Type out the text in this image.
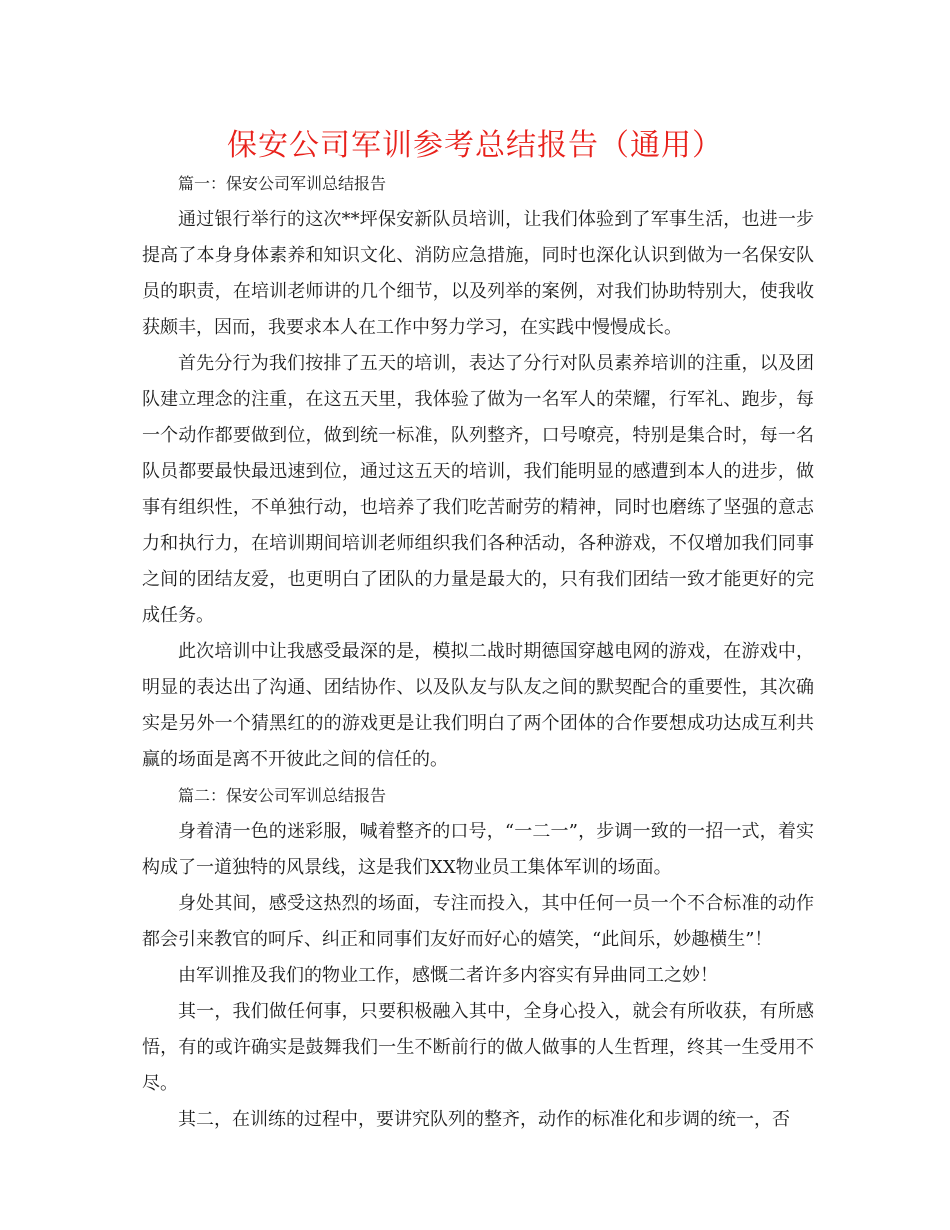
保安公司军训参考总结报告（通用）

篇一：保安公司军训总结报告

通过银行举行的这次**坪保安新队员培训，让我们体验到了军事生活，也进一步提高了本身身体素养和知识文化、消防应急措施，同时也深化认识到做为一名保安队员的职责，在培训老师讲的几个细节，以及列举的案例，对我们协助特别大，使我收获颇丰，因而，我要求本人在工作中努力学习，在实践中慢慢成长。

首先分行为我们按排了五天的培训，表达了分行对队员素养培训的注重，以及团队建立理念的注重，在这五天里，我体验了做为一名军人的荣耀，行军礼、跑步，每一个动作都要做到位，做到统一标准，队列整齐，口号嘹亮，特别是集合时，每一名队员都要最快最迅速到位，通过这五天的培训，我们能明显的感遭到本人的进步，做事有组织性，不单独行动，也培养了我们吃苦耐劳的精神，同时也磨练了坚强的意志力和执行力，在培训期间培训老师组织我们各种活动，各种游戏，不仅增加我们同事之间的团结友爱，也更明白了团队的力量是最大的，只有我们团结一致才能更好的完成任务。

此次培训中让我感受最深的是，模拟二战时期德国穿越电网的游戏，在游戏中，明显的表达出了沟通、团结协作、以及队友与队友之间的默契配合的重要性，其次确实是另外一个猜黑红的的游戏更是让我们明白了两个团体的合作要想成功达成互利共赢的场面是离不开彼此之间的信任的。

篇二：保安公司军训总结报告

身着清一色的迷彩服，喊着整齐的口号，“一二一”，步调一致的一招一式，着实构成了一道独特的风景线，这是我们XX物业员工集体军训的场面。

身处其间，感受这热烈的场面，专注而投入，其中任何一员一个不合标准的动作都会引来教官的呵斥、纠正和同事们友好而好心的嬉笑，“此间乐，妙趣横生”！

由军训推及我们的物业工作，感慨二者许多内容实有异曲同工之妙！

其一，我们做任何事，只要积极融入其中，全身心投入，就会有所收获，有所感悟，有的或许确实是鼓舞我们一生不断前行的做人做事的人生哲理，终其一生受用不尽。

其二，在训练的过程中，要讲究队列的整齐，动作的标准化和步调的统一，否
